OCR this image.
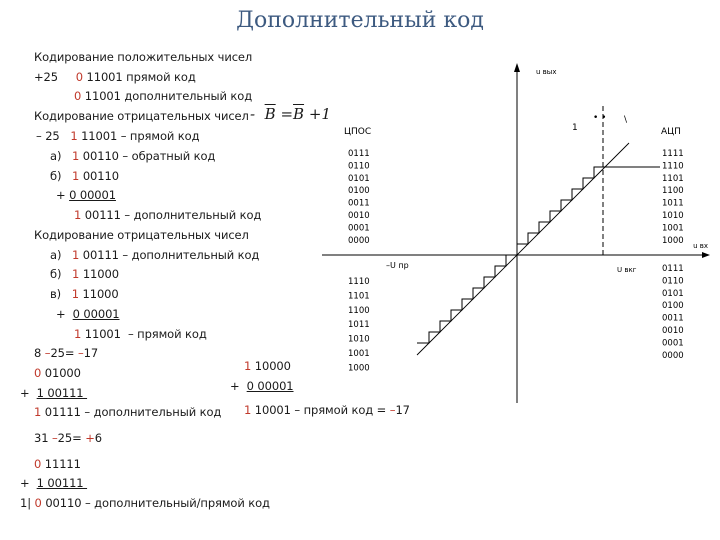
Дополнительный код
- $\overline{B} =\overline{B} +1$
Кодирование положительных чисел
+25     0 11001 прямой код
0 11001 дополнительный код
Кодирование отрицательных чисел
– 25   1 11001 – прямой код
а)   1 00110 – обратный код
б)   1 00110
+ 0 00001
1 00111 – дополнительный код
Кодирование отрицательных чисел
а)   1 00111 – дополнительный код
б)   1 11000
в)   1 11000
+  0 00001
1 11001  – прямой код
8 –25= –17
0 01000
+  1 00111
1 01111 – дополнительный код
31 –25= +6
0 11111
+  1 00111
1| 0 00110 – дополнительный/прямой код
1 10000
+  0 00001
1 10001 – прямой код = –17
u вых
u вх
ЦПОС	АЦП
–U пр	U вкг
1
• • \
0111
0110
0101
0100
0011
0010
0001
0000
1110
1101
1100
1011
1010
1001
1000
1111
1110
1101
1100
1011
1010
1001
1000
0111
0110
0101
0100
0011
0010
0001
0000
